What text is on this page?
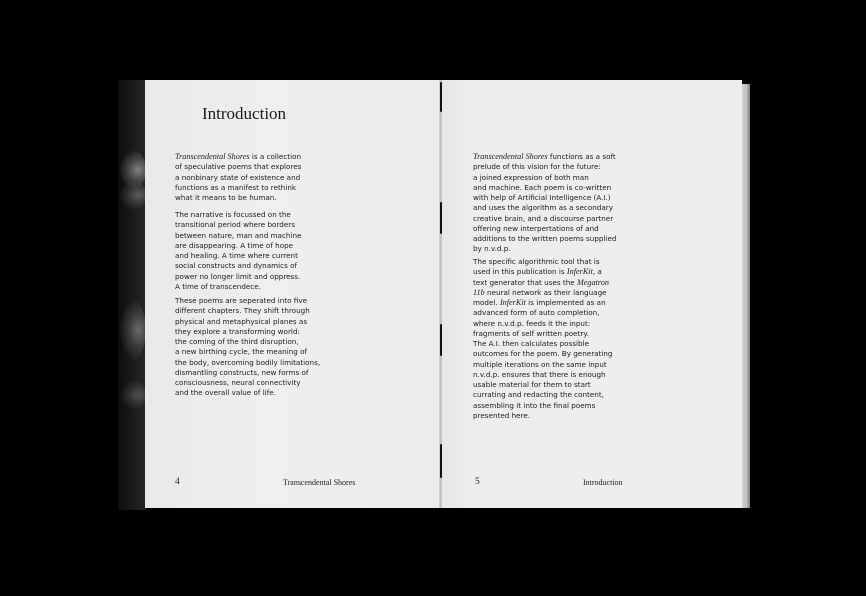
Introduction

Transcendental Shores is a collection
of speculative poems that explores
a nonbinary state of existence and
functions as a manifest to rethink
what it means to be human.

The narrative is focussed on the
transitional period where borders
between nature, man and machine
are disappearing. A time of hope
and healing. A time where current
social constructs and dynamics of
power no longer limit and oppress.
A time of transcendece.

These poems are seperated into five
different chapters. They shift through
physical and metaphysical planes as
they explore a transforming world:
the coming of the third disruption,
a new birthing cycle, the meaning of
the body, overcoming bodily limitations,
dismantling constructs, new forms of
consciousness, neural connectivity
and the overall value of life.

4	Transcendental Shores

Transcendental Shores functions as a soft
prelude of this vision for the future:
a joined expression of both man
and machine. Each poem is co-written
with help of Artificial Intelligence (A.I.)
and uses the algorithm as a secondary
creative brain, and a discourse partner
offering new interpertations of and
additions to the written poems supplied
by n.v.d.p.

The specific algorithmic tool that is
used in this publication is InferKit, a
text generator that uses the Megatron
11b neural network as their language
model. InferKit is implemented as an
advanced form of auto completion,
where n.v.d.p. feeds it the input:
fragments of self written poetry.
The A.I. then calculates possible
outcomes for the poem. By generating
multiple iterations on the same input
n.v.d.p. ensures that there is enough
usable material for them to start
currating and redacting the content,
assembling it into the final poems
presented here.

5	Introduction
